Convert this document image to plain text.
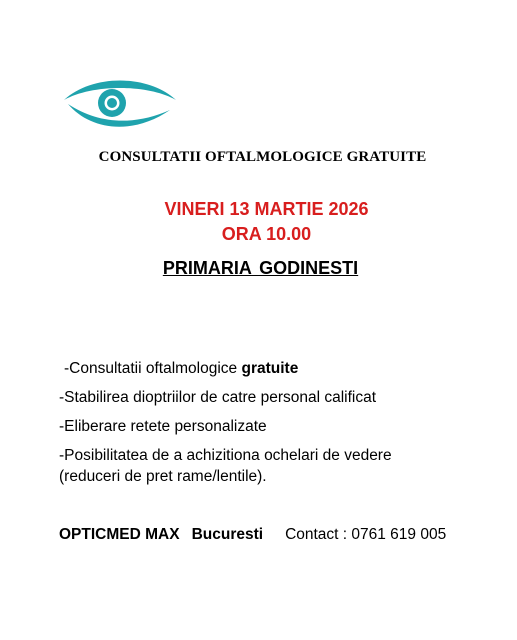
CONSULTATII OFTALMOLOGICE GRATUITE
VINERI 13 MARTIE 2026
ORA 10.00
PRIMARIA GODINESTI
-Consultatii oftalmologice gratuite
-Stabilirea dioptriilor de catre personal calificat
-Eliberare retete personalizate
-Posibilitatea de a achizitiona ochelari de vedere
(reduceri de pret rame/lentile).
OPTICMED MAX Bucuresti Contact : 0761 619 005
